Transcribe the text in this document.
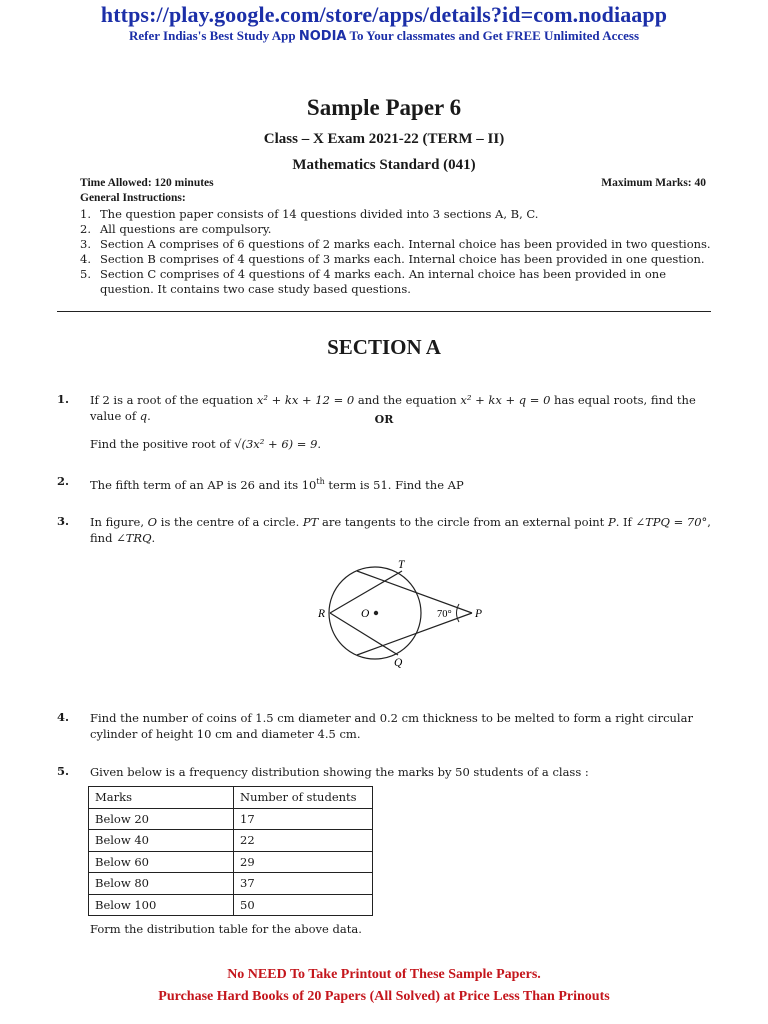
https://play.google.com/store/apps/details?id=com.nodiaapp
Refer Indias's Best Study App NODIA To Your classmates and Get FREE Unlimited Access
Sample Paper 6
Class – X Exam 2021-22 (TERM – II)
Mathematics Standard (041)
Time Allowed: 120 minutes	Maximum Marks: 40
General Instructions:
1. The question paper consists of 14 questions divided into 3 sections A, B, C.
2. All questions are compulsory.
3. Section A comprises of 6 questions of 2 marks each. Internal choice has been provided in two questions.
4. Section B comprises of 4 questions of 3 marks each. Internal choice has been provided in one question.
5. Section C comprises of 4 questions of 4 marks each. An internal choice has been provided in one question. It contains two case study based questions.
SECTION A
1. If 2 is a root of the equation x² + kx + 12 = 0 and the equation x² + kx + q = 0 has equal roots, find the value of q.	OR
Find the positive root of √(3x² + 6) = 9.
2. The fifth term of an AP is 26 and its 10th term is 51. Find the AP
3. In figure, O is the centre of a circle. PT are tangents to the circle from an external point P. If ∠TPQ = 70°,
find ∠TRQ.
T
Q
R	P
O	70°
4. Find the number of coins of 1.5 cm diameter and 0.2 cm thickness to be melted to form a right circular cylinder of height 10 cm and diameter 4.5 cm.
5. Given below is a frequency distribution showing the marks by 50 students of a class :
Marks	Number of students
Below 20	17
Below 40	22
Below 60	29
Below 80	37
Below 100	50
Form the distribution table for the above data.
No NEED To Take Printout of These Sample Papers.
Purchase Hard Books of 20 Papers (All Solved) at Price Less Than Prinouts
